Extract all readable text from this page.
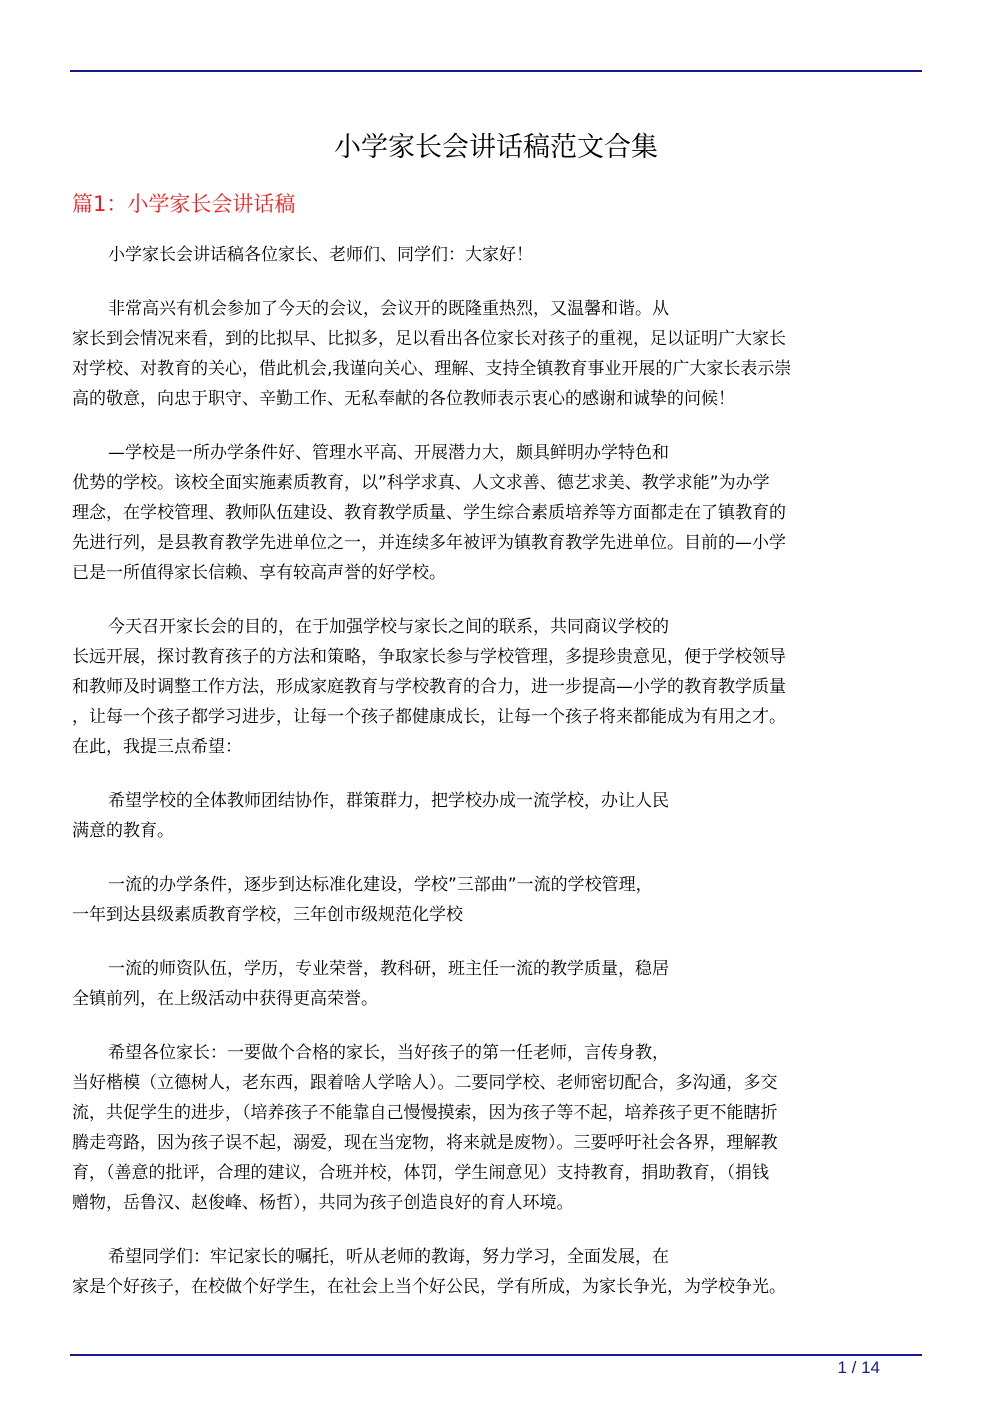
小学家长会讲话稿范文合集
篇1：小学家长会讲话稿
小学家长会讲话稿各位家长、老师们、同学们：大家好！
非常高兴有机会参加了今天的会议，会议开的既隆重热烈，又温馨和谐。从
家长到会情况来看，到的比拟早、比拟多，足以看出各位家长对孩子的重视，足以证明广大家长
对学校、对教育的关心，借此机会,我谨向关心、理解、支持全镇教育事业开展的广大家长表示崇
高的敬意，向忠于职守、辛勤工作、无私奉献的各位教师表示衷心的感谢和诚挚的问候！
—学校是一所办学条件好、管理水平高、开展潜力大，颇具鲜明办学特色和
优势的学校。该校全面实施素质教育，以”科学求真、人文求善、德艺求美、教学求能”为办学
理念，在学校管理、教师队伍建设、教育教学质量、学生综合素质培养等方面都走在了镇教育的
先进行列，是县教育教学先进单位之一，并连续多年被评为镇教育教学先进单位。目前的—小学
已是一所值得家长信赖、享有较高声誉的好学校。
今天召开家长会的目的，在于加强学校与家长之间的联系，共同商议学校的
长远开展，探讨教育孩子的方法和策略，争取家长参与学校管理，多提珍贵意见，便于学校领导
和教师及时调整工作方法，形成家庭教育与学校教育的合力，进一步提高—小学的教育教学质量
，让每一个孩子都学习进步，让每一个孩子都健康成长，让每一个孩子将来都能成为有用之才。
在此，我提三点希望：
希望学校的全体教师团结协作，群策群力，把学校办成一流学校，办让人民
满意的教育。
一流的办学条件，逐步到达标准化建设，学校”三部曲”一流的学校管理，
一年到达县级素质教育学校，三年创市级规范化学校
一流的师资队伍，学历，专业荣誉，教科研，班主任一流的教学质量，稳居
全镇前列，在上级活动中获得更高荣誉。
希望各位家长：一要做个合格的家长，当好孩子的第一任老师，言传身教，
当好楷模（立德树人，老东西，跟着啥人学啥人）。二要同学校、老师密切配合，多沟通，多交
流，共促学生的进步，（培养孩子不能靠自己慢慢摸索，因为孩子等不起，培养孩子更不能瞎折
腾走弯路，因为孩子误不起，溺爱，现在当宠物，将来就是废物）。三要呼吁社会各界，理解教
育，（善意的批评，合理的建议，合班并校，体罚，学生闹意见）支持教育，捐助教育，（捐钱
赠物，岳鲁汉、赵俊峰、杨哲），共同为孩子创造良好的育人环境。
希望同学们：牢记家长的嘱托，听从老师的教诲，努力学习，全面发展，在
家是个好孩子，在校做个好学生，在社会上当个好公民，学有所成，为家长争光，为学校争光。
1 / 14
